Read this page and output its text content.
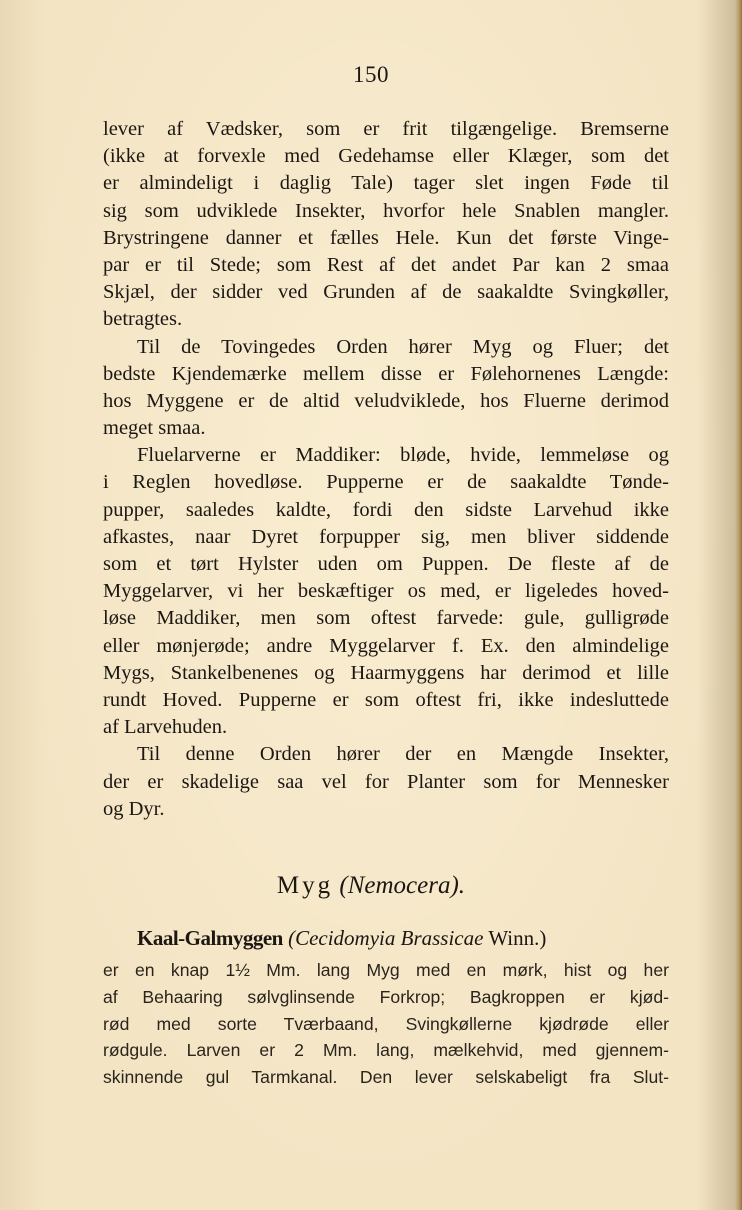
150
lever af Vædsker, som er frit tilgængelige. Bremserne
(ikke at forvexle med Gedehamse eller Klæger, som det
er almindeligt i daglig Tale) tager slet ingen Føde til
sig som udviklede Insekter, hvorfor hele Snablen mangler.
Brystringene danner et fælles Hele. Kun det første Vinge-
par er til Stede; som Rest af det andet Par kan 2 smaa
Skjæl, der sidder ved Grunden af de saakaldte Svingkøller,
betragtes.
Til de Tovingedes Orden hører Myg og Fluer; det
bedste Kjendemærke mellem disse er Følehornenes Længde:
hos Myggene er de altid veludviklede, hos Fluerne derimod
meget smaa.
Fluelarverne er Maddiker: bløde, hvide, lemmeløse og
i Reglen hovedløse. Pupperne er de saakaldte Tønde-
pupper, saaledes kaldte, fordi den sidste Larvehud ikke
afkastes, naar Dyret forpupper sig, men bliver siddende
som et tørt Hylster uden om Puppen. De fleste af de
Myggelarver, vi her beskæftiger os med, er ligeledes hoved-
løse Maddiker, men som oftest farvede: gule, gulligrøde
eller mønjerøde; andre Myggelarver f. Ex. den almindelige
Mygs, Stankelbenenes og Haarmyggens har derimod et lille
rundt Hoved. Pupperne er som oftest fri, ikke indesluttede
af Larvehuden.
Til denne Orden hører der en Mængde Insekter,
der er skadelige saa vel for Planter som for Mennesker
og Dyr.
Myg (Nemocera).
Kaal-Galmyggen (Cecidomyia Brassicae Winn.)
er en knap 1½ Mm. lang Myg med en mørk, hist og her
af Behaaring sølvglinsende Forkrop; Bagkroppen er kjød-
rød med sorte Tværbaand, Svingkøllerne kjødrøde eller
rødgule. Larven er 2 Mm. lang, mælkehvid, med gjennem-
skinnende gul Tarmkanal. Den lever selskabeligt fra Slut-
